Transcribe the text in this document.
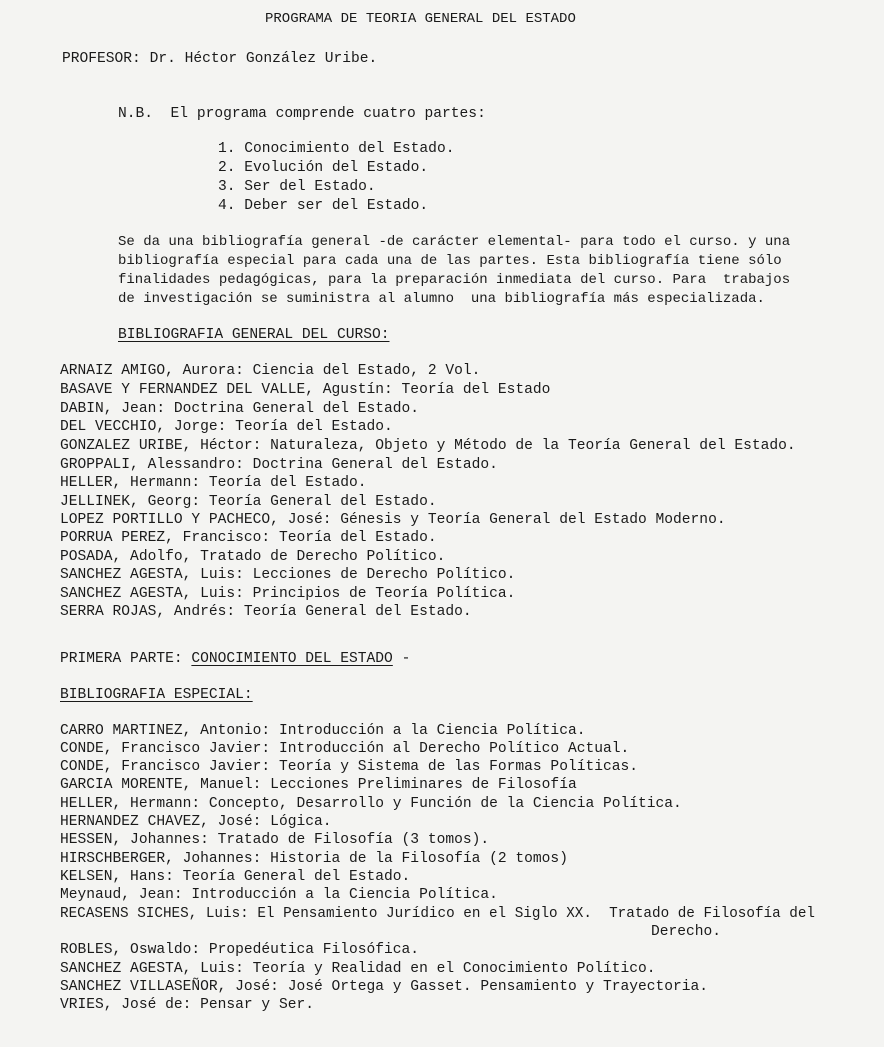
PROGRAMA DE TEORIA GENERAL DEL ESTADO
PROFESOR: Dr. Héctor González Uribe.
N.B.  El programa comprende cuatro partes:
1. Conocimiento del Estado.
2. Evolución del Estado.
3. Ser del Estado.
4. Deber ser del Estado.
Se da una bibliografía general -de carácter elemental- para todo el curso. y una
bibliografía especial para cada una de las partes. Esta bibliografía tiene sólo
finalidades pedagógicas, para la preparación inmediata del curso. Para  trabajos
de investigación se suministra al alumno  una bibliografía más especializada.
BIBLIOGRAFIA GENERAL DEL CURSO:
ARNAIZ AMIGO, Aurora: Ciencia del Estado, 2 Vol.
BASAVE Y FERNANDEZ DEL VALLE, Agustín: Teoría del Estado
DABIN, Jean: Doctrina General del Estado.
DEL VECCHIO, Jorge: Teoría del Estado.
GONZALEZ URIBE, Héctor: Naturaleza, Objeto y Método de la Teoría General del Estado.
GROPPALI, Alessandro: Doctrina General del Estado.
HELLER, Hermann: Teoría del Estado.
JELLINEK, Georg: Teoría General del Estado.
LOPEZ PORTILLO Y PACHECO, José: Génesis y Teoría General del Estado Moderno.
PORRUA PEREZ, Francisco: Teoría del Estado.
POSADA, Adolfo, Tratado de Derecho Político.
SANCHEZ AGESTA, Luis: Lecciones de Derecho Político.
SANCHEZ AGESTA, Luis: Principios de Teoría Política.
SERRA ROJAS, Andrés: Teoría General del Estado.
PRIMERA PARTE: CONOCIMIENTO DEL ESTADO -
BIBLIOGRAFIA ESPECIAL:
CARRO MARTINEZ, Antonio: Introducción a la Ciencia Política.
CONDE, Francisco Javier: Introducción al Derecho Político Actual.
CONDE, Francisco Javier: Teoría y Sistema de las Formas Políticas.
GARCIA MORENTE, Manuel: Lecciones Preliminares de Filosofía
HELLER, Hermann: Concepto, Desarrollo y Función de la Ciencia Política.
HERNANDEZ CHAVEZ, José: Lógica.
HESSEN, Johannes: Tratado de Filosofía (3 tomos).
HIRSCHBERGER, Johannes: Historia de la Filosofía (2 tomos)
KELSEN, Hans: Teoría General del Estado.
Meynaud, Jean: Introducción a la Ciencia Política.
RECASENS SICHES, Luis: El Pensamiento Jurídico en el Siglo XX.  Tratado de Filosofía del
Derecho.
ROBLES, Oswaldo: Propedéutica Filosófica.
SANCHEZ AGESTA, Luis: Teoría y Realidad en el Conocimiento Político.
SANCHEZ VILLASEÑOR, José: José Ortega y Gasset. Pensamiento y Trayectoria.
VRIES, José de: Pensar y Ser.
